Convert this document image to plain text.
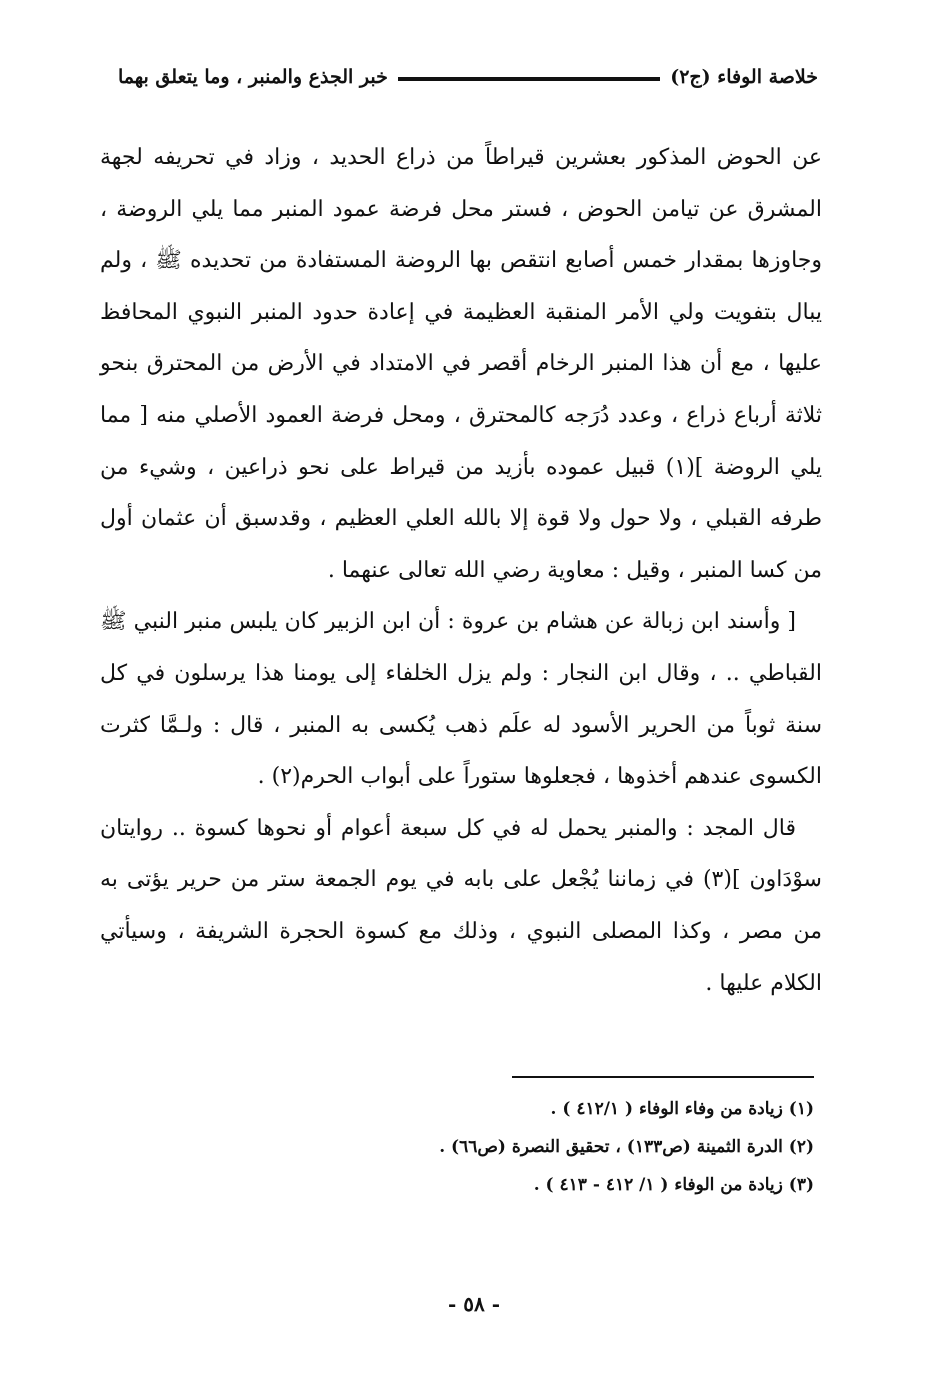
خلاصة الوفاء (ج٢)
خبر الجذع والمنبر ، وما يتعلق بهما

عن الحوض المذكور بعشرين قيراطاً من ذراع الحديد ، وزاد في تحريفه لجهة المشرق عن تيامن الحوض ، فستر محل فرضة عمود المنبر مما يلي الروضة ، وجاوزها بمقدار خمس أصابع انتقص بها الروضة المستفادة من تحديده ﷺ ، ولم يبال بتفويت ولي الأمر المنقبة العظيمة في إعادة حدود المنبر النبوي المحافظ عليها ، مع أن هذا المنبر الرخام أقصر في الامتداد في الأرض من المحترق بنحو ثلاثة أرباع ذراع ، وعدد دُرَجه كالمحترق ، ومحل فرضة العمود الأصلي منه [ مما يلي الروضة ](١) قبيل عموده بأزيد من قيراط على نحو ذراعين ، وشيء من طرفه القبلي ، ولا حول ولا قوة إلا بالله العلي العظيم ، وقدسبق أن عثمان أول من كسا المنبر ، وقيل : معاوية رضي الله تعالى عنهما .

[ وأسند ابن زبالة عن هشام بن عروة : أن ابن الزبير كان يلبس منبر النبي ﷺ القباطي .. ، وقال ابن النجار : ولم يزل الخلفاء إلى يومنا هذا يرسلون في كل سنة ثوباً من الحرير الأسود له علَم ذهب يُكسى به المنبر ، قال : ولـمَّا كثرت الكسوى عندهم أخذوها ، فجعلوها ستوراً على أبواب الحرم(٢) .

قال المجد : والمنبر يحمل له في كل سبعة أعوام أو نحوها كسوة .. روايتان سوْدَاون ](٣) في زماننا يُجْعل على بابه في يوم الجمعة ستر من حرير يؤتى به من مصر ، وكذا المصلى النبوي ، وذلك مع كسوة الحجرة الشريفة ، وسيأتي الكلام عليها .

(١) زيادة من وفاء الوفاء ( ٤١٢/١ ) .

(٢) الدرة الثمينة (ص١٣٣) ، تحقيق النصرة (ص٦٦) .

(٣) زيادة من الوفاء ( ١/ ٤١٢ - ٤١٣ ) .

- ٥٨ -
